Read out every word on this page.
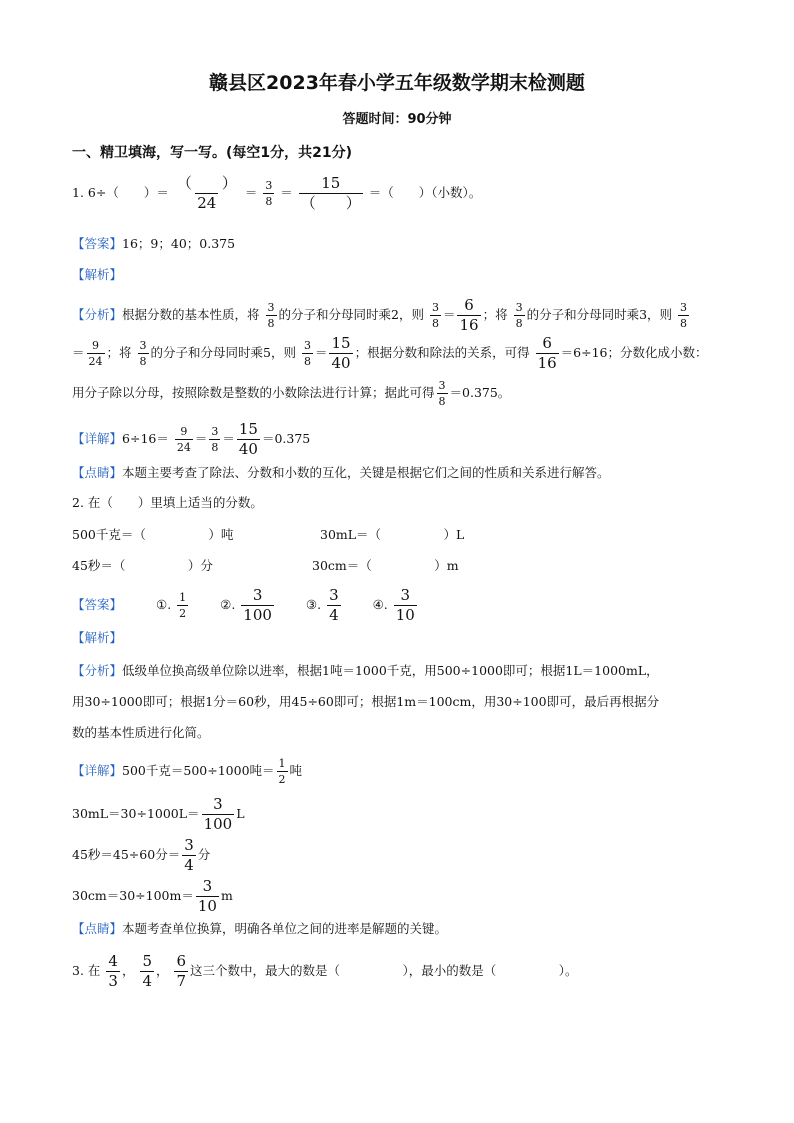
赣县区2023年春小学五年级数学期末检测题
答题时间：90分钟
一、精卫填海，写一写。(每空1分，共21分)
1. 6÷（　　）＝ $\frac{( )}{24} = \frac{3}{8} = \frac{15}{( )}$ ＝（　　）（小数）。
【答案】16；9；40；0.375
【解析】
【分析】根据分数的基本性质，将 $\frac{3}{8}$ 的分子和分母同时乘2，则 $\frac{3}{8} = \frac{6}{16}$ ；将 $\frac{3}{8}$ 的分子和分母同时乘3，则 $\frac{3}{8}$
＝ $\frac{9}{24}$ ；将 $\frac{3}{8}$ 的分子和分母同时乘5，则 $\frac{3}{8} = \frac{15}{40}$ ；根据分数和除法的关系，可得 $\frac{6}{16} =6\div 16$；分数化成小数：
用分子除以分母，按照除数是整数的小数除法进行计算；据此可得 $\frac{3}{8} =0.375$。
【详解】$6\div 16= \frac{9}{24} = \frac{3}{8} = \frac{15}{40} =0.375$
【点睛】本题主要考查了除法、分数和小数的互化，关键是根据它们之间的性质和关系进行解答。
2. 在（　　）里填上适当的分数。
500千克＝（　　　　　）吨	30mL＝（　　　　　）L
45秒＝（　　　　　）分	30cm＝（　　　　　）m
【答案】	①. $\frac{1}{2}$	②. $\frac{3}{100}$	③. $\frac{3}{4}$	④. $\frac{3}{10}$
【解析】
【分析】低级单位换高级单位除以进率，根据1吨＝1000千克，用500÷1000即可；根据1L＝1000mL，
用30÷1000即可；根据1分＝60秒，用45÷60即可；根据1m＝100cm，用30÷100即可，最后再根据分
数的基本性质进行化简。
【详解】500千克＝500÷1000吨＝ $\frac{1}{2}$ 吨
$30mL=30\div 1000L= \frac{3}{100}$ L
45秒＝45÷60分＝ $\frac{3}{4}$ 分
$30cm=30\div 100m= \frac{3}{10}$ m
【点睛】本题考查单位换算，明确各单位之间的进率是解题的关键。
3. 在 $\frac{4}{3}$ ， $\frac{5}{4}$ ， $\frac{6}{7}$ 这三个数中，最大的数是（　　　　　），最小的数是（　　　　　）。
